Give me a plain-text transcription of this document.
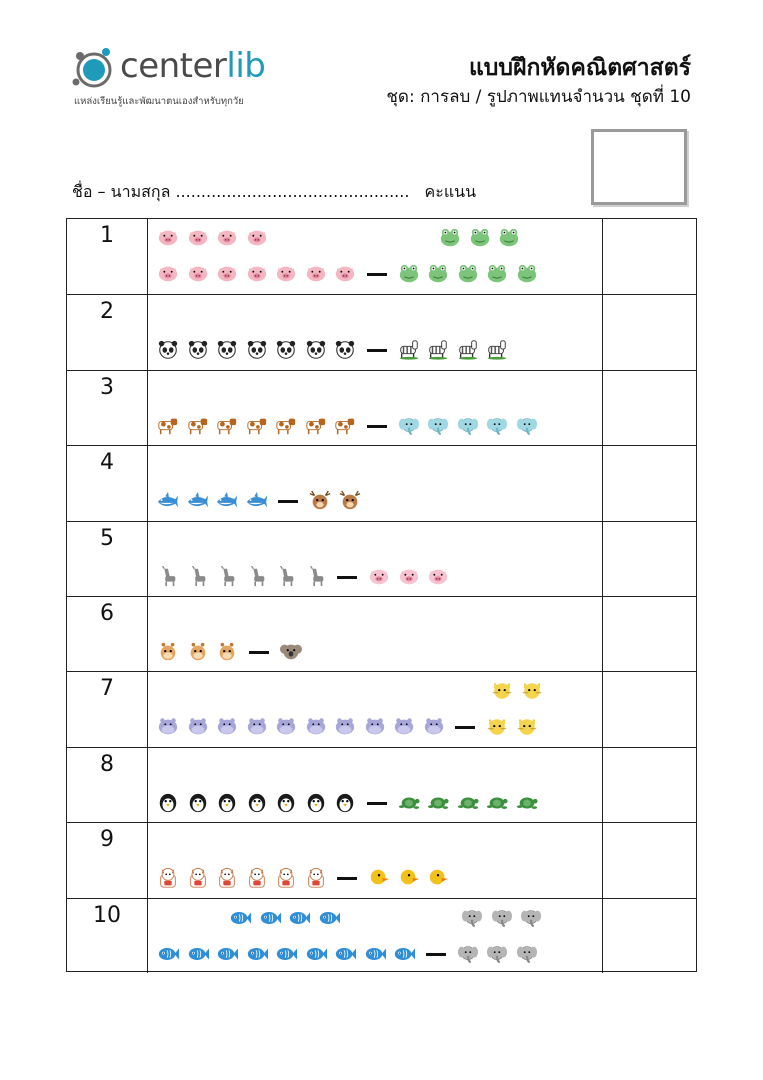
centerlib
แหล่งเรียนรู้และพัฒนาตนเองสำหรับทุกวัย
แบบฝึกหัดคณิตศาสตร์
ชุด: การลบ / รูปภาพแทนจำนวน ชุดที่ 10
ชื่อ – นามสกุล .............................................. คะแนน
1
2
3
4
5
6
7
8
9
10
